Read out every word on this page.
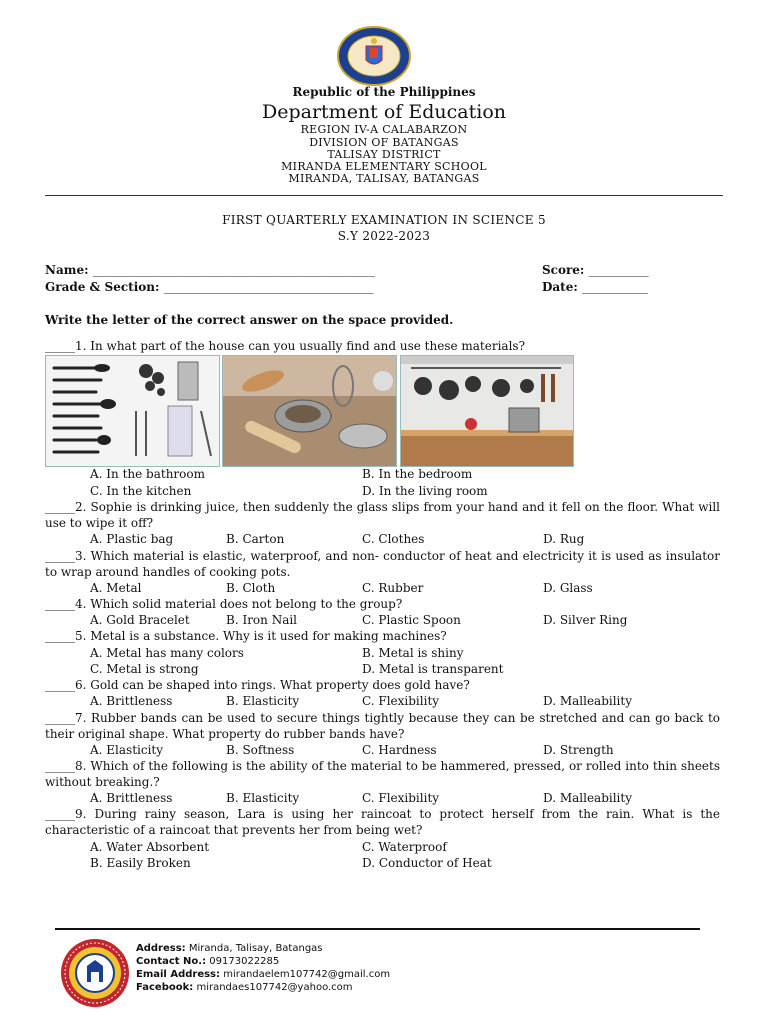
Republic of the Philippines
Department of Education
REGION IV-A CALABARZON
DIVISION OF BATANGAS
TALISAY DISTRICT
MIRANDA ELEMENTARY SCHOOL
MIRANDA, TALISAY, BATANGAS
FIRST QUARTERLY EXAMINATION IN SCIENCE 5
S.Y 2022-2023
Name: _______________________________________________	Score: __________
Grade & Section: ___________________________________	Date: ___________
Write the letter of the correct answer on the space provided.
_____1. In what part of the house can you usually find and use these materials?
A. In the bathroom	B. In the bedroom
C. In the kitchen	D. In the living room
_____2. Sophie is drinking juice, then suddenly the glass slips from your hand and it fell on the floor. What will use to wipe it off?
A. Plastic bag	B. Carton	C. Clothes	D. Rug
_____3. Which material is elastic, waterproof, and non- conductor of heat and electricity it is used as insulator to wrap around handles of cooking pots.
A. Metal	B. Cloth	C. Rubber	D. Glass
_____4. Which solid material does not belong to the group?
A. Gold Bracelet	B. Iron Nail	C. Plastic Spoon	D. Silver Ring
_____5. Metal is a substance. Why is it used for making machines?
A. Metal has many colors	B. Metal is shiny
C. Metal is strong	D. Metal is transparent
_____6. Gold can be shaped into rings. What property does gold have?
A. Brittleness	B. Elasticity	C. Flexibility	D. Malleability
_____7. Rubber bands can be used to secure things tightly because they can be stretched and can go back to their original shape. What property do rubber bands have?
A. Elasticity	B. Softness	C. Hardness	D. Strength
_____8. Which of the following is the ability of the material to be hammered, pressed, or rolled into thin sheets without breaking.?
A. Brittleness	B. Elasticity	C. Flexibility	D. Malleability
_____9. During rainy season, Lara is using her raincoat to protect herself from the rain. What is the characteristic of a raincoat that prevents her from being wet?
A. Water Absorbent	C. Waterproof
B. Easily Broken	D. Conductor of Heat
Address: Miranda, Talisay, Batangas
Contact No.: 09173022285
Email Address: mirandaelem107742@gmail.com
Facebook: mirandaes107742@yahoo.com
